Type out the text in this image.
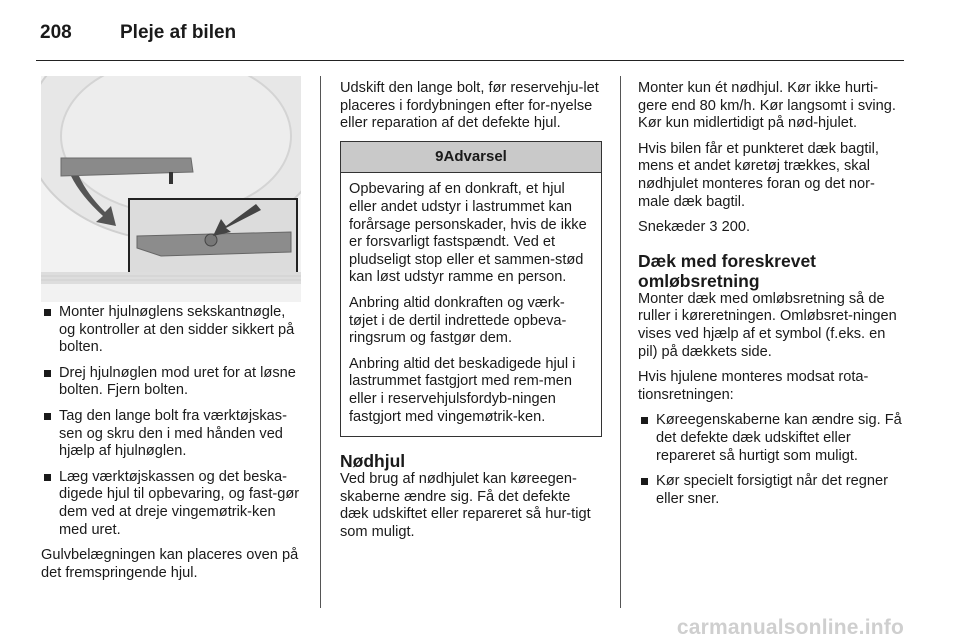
208	Pleje af bilen
Monter hjulnøglens sekskantnøgle, og kontroller at den sidder sikkert på bolten.
Drej hjulnøglen mod uret for at løsne bolten. Fjern bolten.
Tag den lange bolt fra værktøjskas-sen og skru den i med hånden ved hjælp af hjulnøglen.
Læg værktøjskassen og det beska-digede hjul til opbevaring, og fast-gør dem ved at dreje vingemøtrik-ken med uret.

Gulvbelægningen kan placeres oven på det fremspringende hjul.

Udskift den lange bolt, før reservehju-let placeres i fordybningen efter for-nyelse eller reparation af det defekte hjul.

9Advarsel

Opbevaring af en donkraft, et hjul eller andet udstyr i lastrummet kan forårsage personskader, hvis de ikke er forsvarligt fastspændt. Ved et pludseligt stop eller et sammen-stød kan løst udstyr ramme en person.

Anbring altid donkraften og værk-tøjet i de dertil indrettede opbeva-ringsrum og fastgør dem.

Anbring altid det beskadigede hjul i lastrummet fastgjort med rem-men eller i reservehjulsfordyb-ningen fastgjort med vingemøtrik-ken.

Nødhjul

Ved brug af nødhjulet kan køreegen-skaberne ændre sig. Få det defekte dæk udskiftet eller repareret så hur-tigt som muligt.

Monter kun ét nødhjul. Kør ikke hurti-gere end 80 km/h. Kør langsomt i sving. Kør kun midlertidigt på nød-hjulet.

Hvis bilen får et punkteret dæk bagtil, mens et andet køretøj trækkes, skal nødhjulet monteres foran og det nor-male dæk bagtil.

Snekæder 3 200.

Dæk med foreskrevet omløbsretning

Monter dæk med omløbsretning så de ruller i køreretningen. Omløbsret-ningen vises ved hjælp af et symbol (f.eks. en pil) på dækkets side.

Hvis hjulene monteres modsat rota-tionsretningen:

Køreegenskaberne kan ændre sig. Få det defekte dæk udskiftet eller repareret så hurtigt som muligt.
Kør specielt forsigtigt når det regner eller sner.
carmanualsonline.info
